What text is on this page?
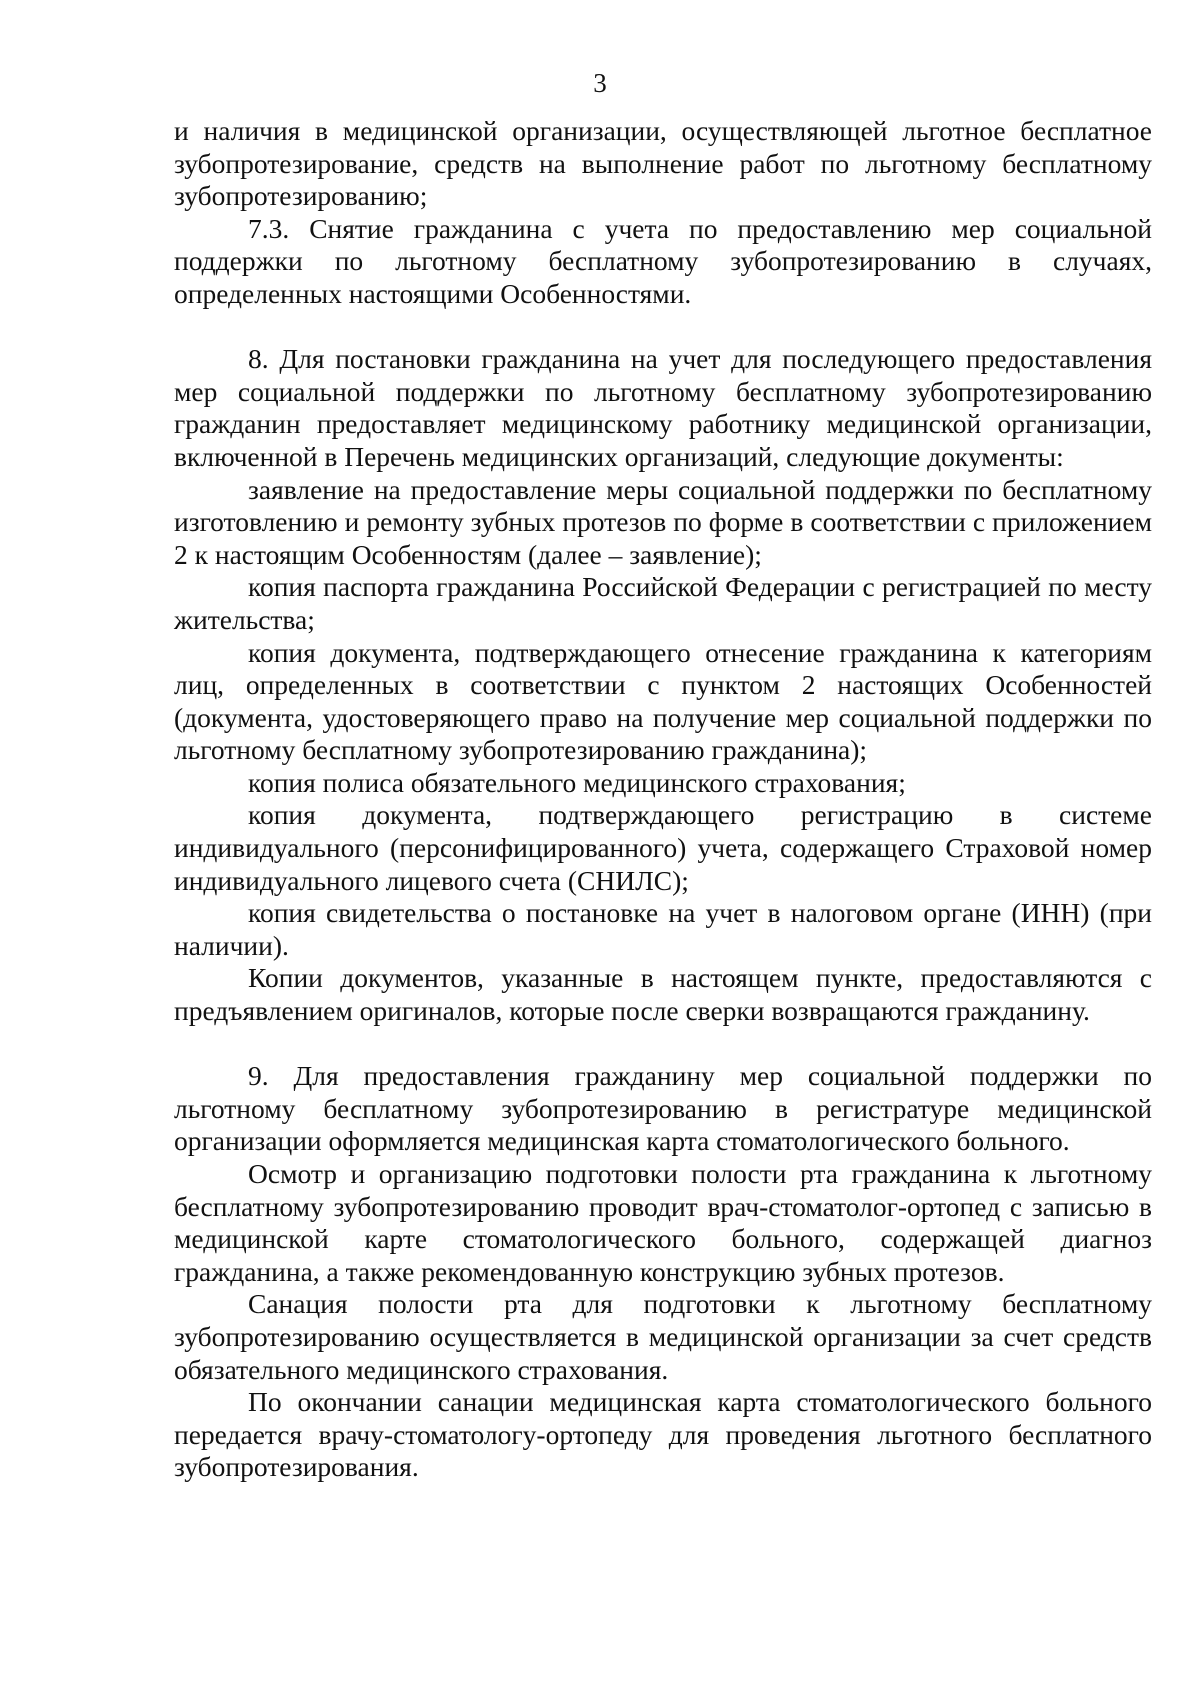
3

и наличия в медицинской организации, осуществляющей льготное бесплатное зубопротезирование, средств на выполнение работ по льготному бесплатному зубопротезированию;

7.3. Снятие гражданина с учета по предоставлению мер социальной поддержки по льготному бесплатному зубопротезированию в случаях, определенных настоящими Особенностями.

8. Для постановки гражданина на учет для последующего предоставления мер социальной поддержки по льготному бесплатному зубопротезированию гражданин предоставляет медицинскому работнику медицинской организации, включенной в Перечень медицинских организаций, следующие документы:

заявление на предоставление меры социальной поддержки по бесплатному изготовлению и ремонту зубных протезов по форме в соответствии с приложением 2 к настоящим Особенностям (далее – заявление);

копия паспорта гражданина Российской Федерации с регистрацией по месту жительства;

копия документа, подтверждающего отнесение гражданина к категориям лиц, определенных в соответствии с пунктом 2 настоящих Особенностей (документа, удостоверяющего право на получение мер социальной поддержки по льготному бесплатному зубопротезированию гражданина);

копия полиса обязательного медицинского страхования;

копия документа, подтверждающего регистрацию в системе индивидуального (персонифицированного) учета, содержащего Страховой номер индивидуального лицевого счета (СНИЛС);

копия свидетельства о постановке на учет в налоговом органе (ИНН) (при наличии).

Копии документов, указанные в настоящем пункте, предоставляются с предъявлением оригиналов, которые после сверки возвращаются гражданину.

9. Для предоставления гражданину мер социальной поддержки по льготному бесплатному зубопротезированию в регистратуре медицинской организации оформляется медицинская карта стоматологического больного.

Осмотр и организацию подготовки полости рта гражданина к льготному бесплатному зубопротезированию проводит врач-стоматолог-ортопед с записью в медицинской карте стоматологического больного, содержащей диагноз гражданина, а также рекомендованную конструкцию зубных протезов.

Санация полости рта для подготовки к льготному бесплатному зубопротезированию осуществляется в медицинской организации за счет средств обязательного медицинского страхования.

По окончании санации медицинская карта стоматологического больного передается врачу-стоматологу-ортопеду для проведения льготного бесплатного зубопротезирования.
